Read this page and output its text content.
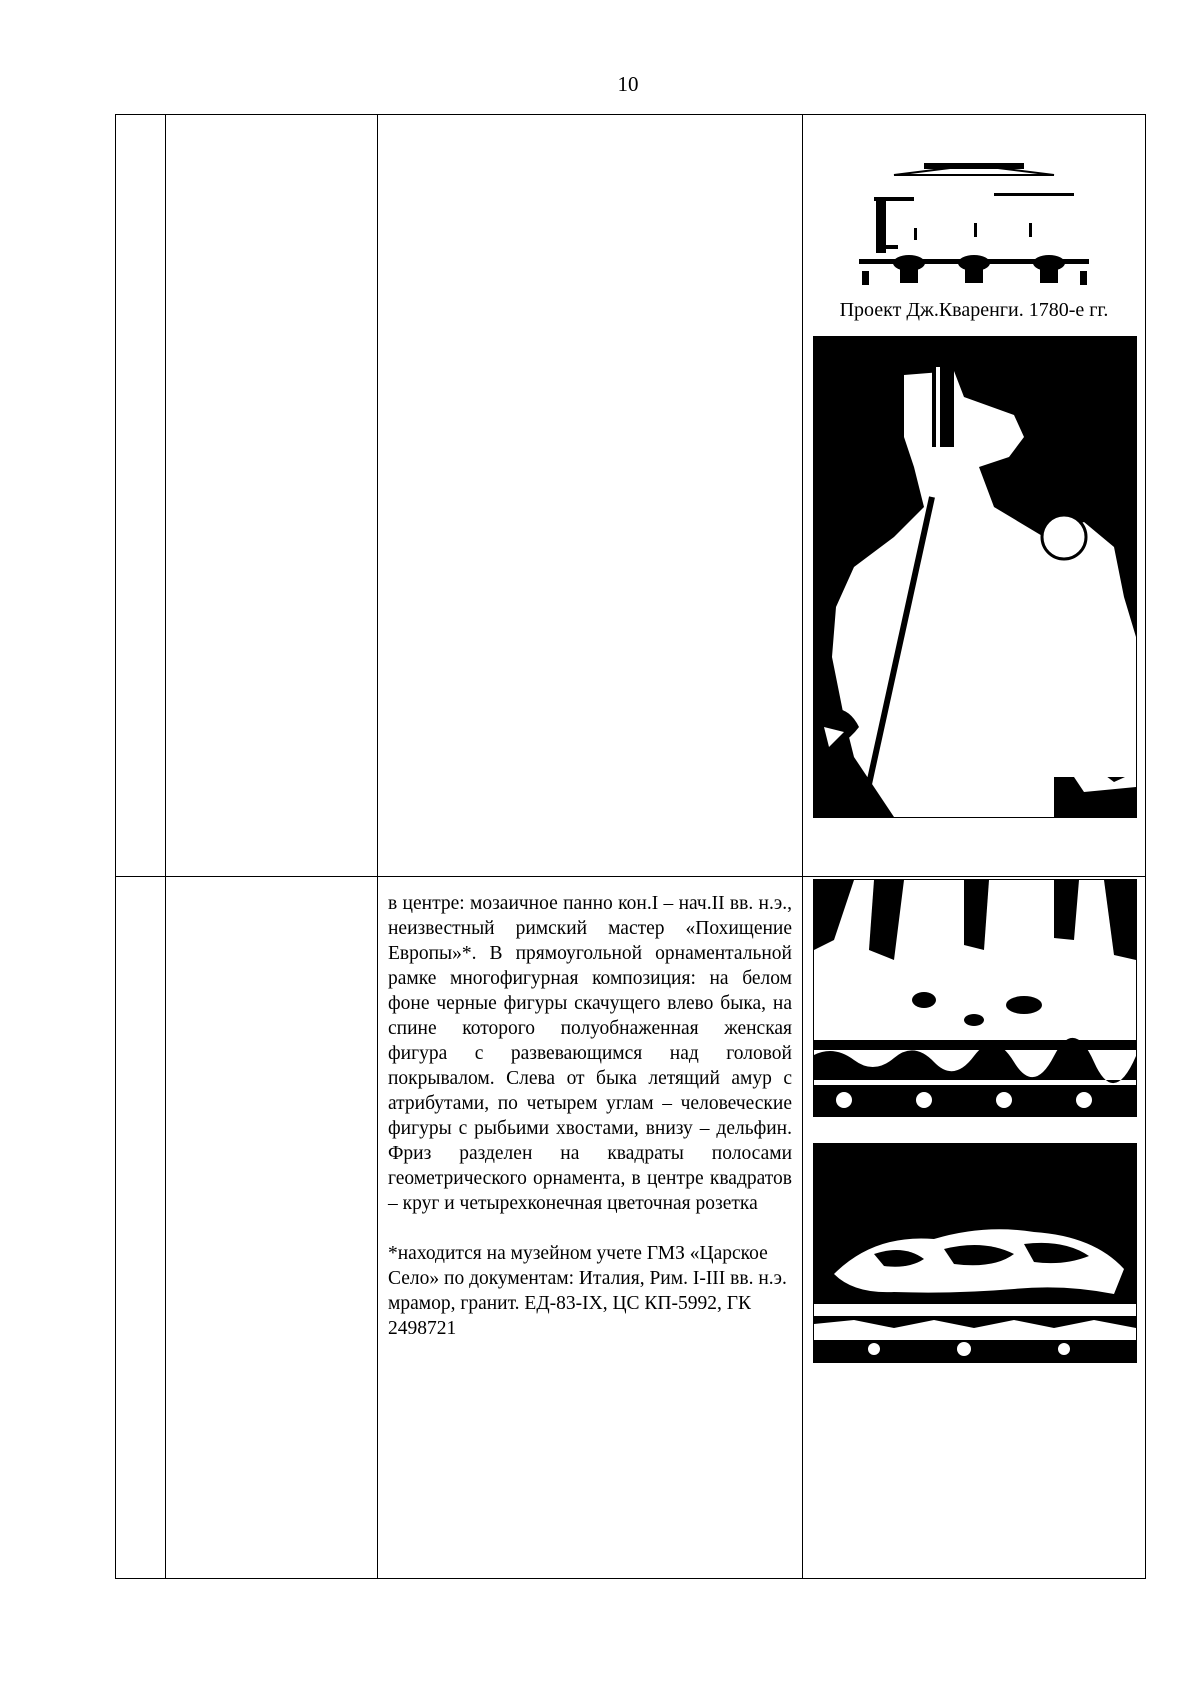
10

			Проект Дж.Кваренги. 1780-е гг.

		в центре: мозаичное панно кон.I – нач.II вв. н.э., неизвестный римский мастер «Похищение Европы»*. В прямоугольной орнаментальной рамке многофигурная композиция: на белом фоне черные фигуры скачущего влево быка, на спине которого полуобнаженная женская фигура с развевающимся над головой покрывалом. Слева от быка летящий амур с атрибутами, по четырем углам – человеческие фигуры с рыбьими хвостами, внизу – дельфин. Фриз разделен на квадраты полосами геометрического орнамента, в центре квадратов – круг и четырехконечная цветочная розетка

*находится на музейном учете ГМЗ «Царское Село» по документам: Италия, Рим. I-III вв. н.э. мрамор, гранит. ЕД-83-IX, ЦС КП-5992, ГК 2498721
